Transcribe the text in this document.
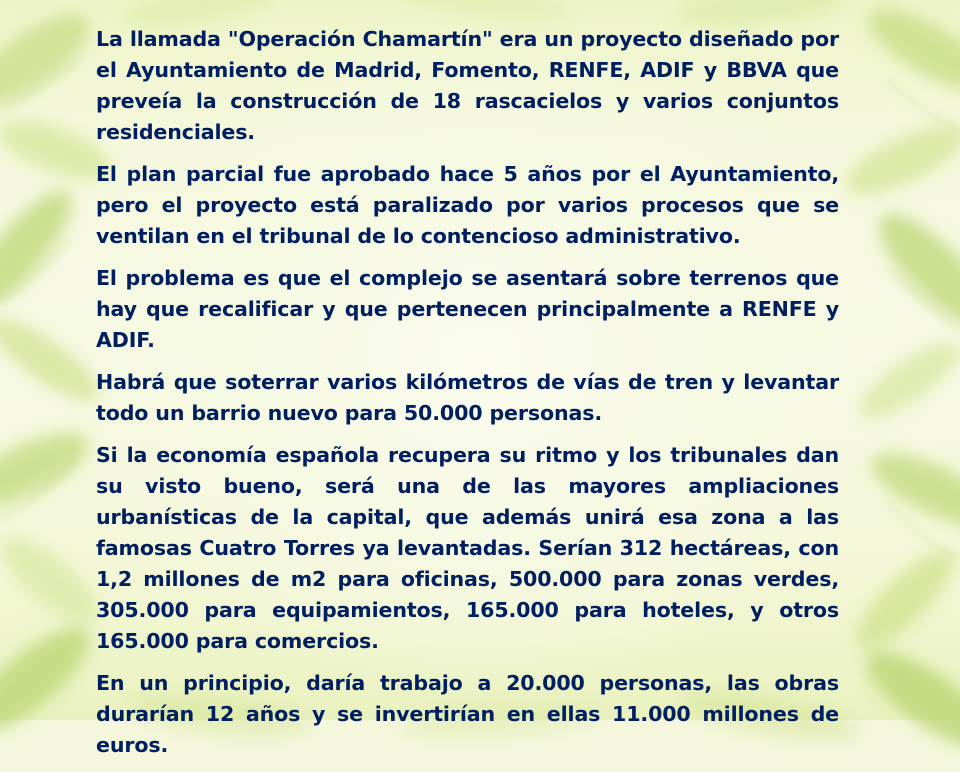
La llamada "Operación Chamartín" era un proyecto diseñado por el Ayuntamiento de Madrid, Fomento, RENFE, ADIF y BBVA que preveía la construcción de 18 rascacielos y varios conjuntos residenciales.

El plan parcial fue aprobado hace 5 años por el Ayuntamiento, pero el proyecto está paralizado por varios procesos que se ventilan en el tribunal de lo contencioso administrativo.

El problema es que el complejo se asentará sobre terrenos que hay que recalificar y que pertenecen principalmente a RENFE y ADIF.

Habrá que soterrar varios kilómetros de vías de tren y levantar todo un barrio nuevo para 50.000 personas.

Si la economía española recupera su ritmo y los tribunales dan su visto bueno, será una de las mayores ampliaciones urbanísticas de la capital, que además unirá esa zona a las famosas Cuatro Torres ya levantadas. Serían 312 hectáreas, con 1,2 millones de m2 para oficinas, 500.000 para zonas verdes, 305.000 para equipamientos, 165.000 para hoteles, y otros 165.000 para comercios.

En un principio, daría trabajo a 20.000 personas, las obras durarían 12 años y se invertirían en ellas 11.000 millones de euros.
